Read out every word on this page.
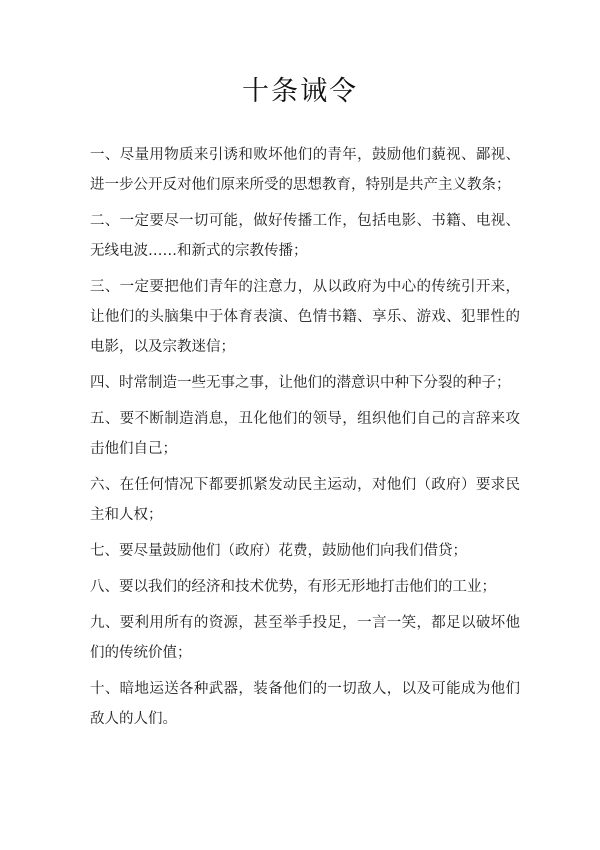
十条诫令
一、尽量用物质来引诱和败坏他们的青年，鼓励他们藐视、鄙视、进一步公开反对他们原来所受的思想教育，特别是共产主义教条；
二、一定要尽一切可能，做好传播工作，包括电影、书籍、电视、无线电波……和新式的宗教传播；
三、一定要把他们青年的注意力，从以政府为中心的传统引开来，让他们的头脑集中于体育表演、色情书籍、享乐、游戏、犯罪性的电影，以及宗教迷信；
四、时常制造一些无事之事，让他们的潜意识中种下分裂的种子；
五、要不断制造消息，丑化他们的领导，组织他们自己的言辞来攻击他们自己；
六、在任何情况下都要抓紧发动民主运动，对他们（政府）要求民主和人权；
七、要尽量鼓励他们（政府）花费，鼓励他们向我们借贷；
八、要以我们的经济和技术优势，有形无形地打击他们的工业；
九、要利用所有的资源，甚至举手投足，一言一笑，都足以破坏他们的传统价值；
十、暗地运送各种武器，装备他们的一切敌人，以及可能成为他们敌人的人们。
